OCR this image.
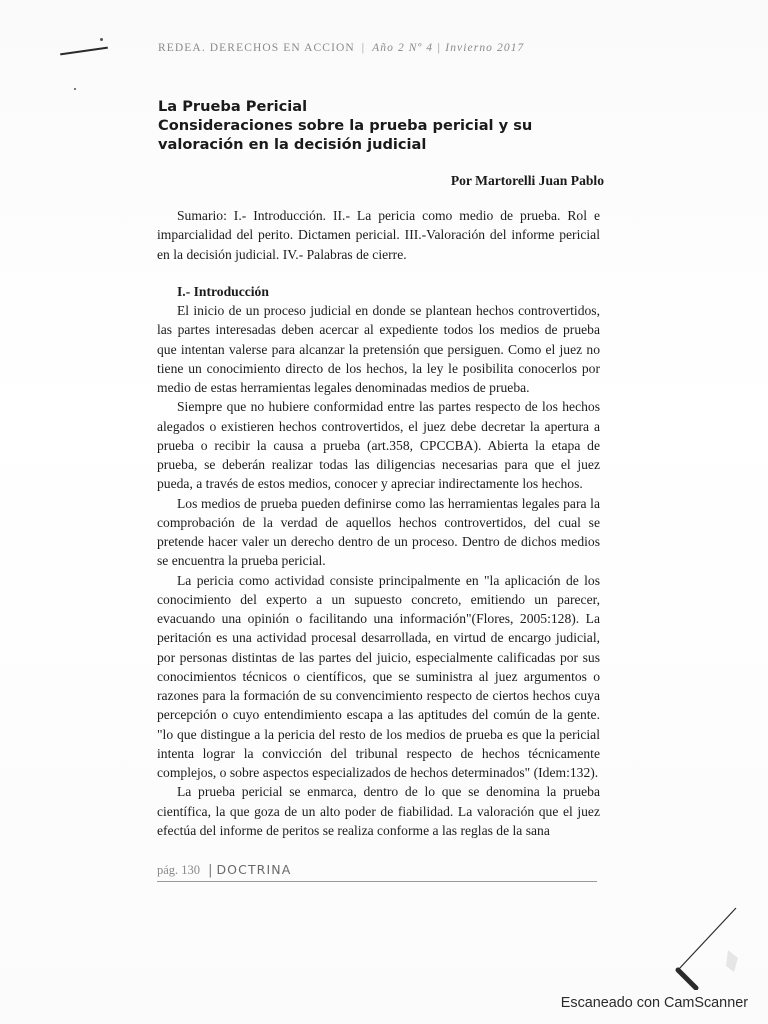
REDEA. DERECHOS EN ACCION | Año 2 Nº 4 | Invierno 2017
La Prueba Pericial
Consideraciones sobre la prueba pericial y su valoración en la decisión judicial
Por Martorelli Juan Pablo

Sumario: I.- Introducción. II.- La pericia como medio de prueba. Rol e imparcialidad del perito. Dictamen pericial. III.-Valoración del informe pericial en la decisión judicial. IV.- Palabras de cierre.

I.- Introducción

El inicio de un proceso judicial en donde se plantean hechos controvertidos, las partes interesadas deben acercar al expediente todos los medios de prueba que intentan valerse para alcanzar la pretensión que persiguen. Como el juez no tiene un conocimiento directo de los hechos, la ley le posibilita conocerlos por medio de estas herramientas legales denominadas medios de prueba.

Siempre que no hubiere conformidad entre las partes respecto de los hechos alegados o existieren hechos controvertidos, el juez debe decretar la apertura a prueba o recibir la causa a prueba (art.358, CPCCBA). Abierta la etapa de prueba, se deberán realizar todas las diligencias necesarias para que el juez pueda, a través de estos medios, conocer y apreciar indirectamente los hechos.

Los medios de prueba pueden definirse como las herramientas legales para la comprobación de la verdad de aquellos hechos controvertidos, del cual se pretende hacer valer un derecho dentro de un proceso. Dentro de dichos medios se encuentra la prueba pericial.

La pericia como actividad consiste principalmente en "la aplicación de los conocimiento del experto a un supuesto concreto, emitiendo un parecer, evacuando una opinión o facilitando una información"(Flores, 2005:128). La peritación es una actividad procesal desarrollada, en virtud de encargo judicial, por personas distintas de las partes del juicio, especialmente calificadas por sus conocimientos técnicos o científicos, que se suministra al juez argumentos o razones para la formación de su convencimiento respecto de ciertos hechos cuya percepción o cuyo entendimiento escapa a las aptitudes del común de la gente. "lo que distingue a la pericia del resto de los medios de prueba es que la pericial intenta lograr la convicción del tribunal respecto de hechos técnicamente complejos, o sobre aspectos especializados de hechos determinados" (Idem:132).

La prueba pericial se enmarca, dentro de lo que se denomina la prueba científica, la que goza de un alto poder de fiabilidad. La valoración que el juez efectúa del informe de peritos se realiza conforme a las reglas de la sana

pág. 130 | DOCTRINA
Escaneado con CamScanner
